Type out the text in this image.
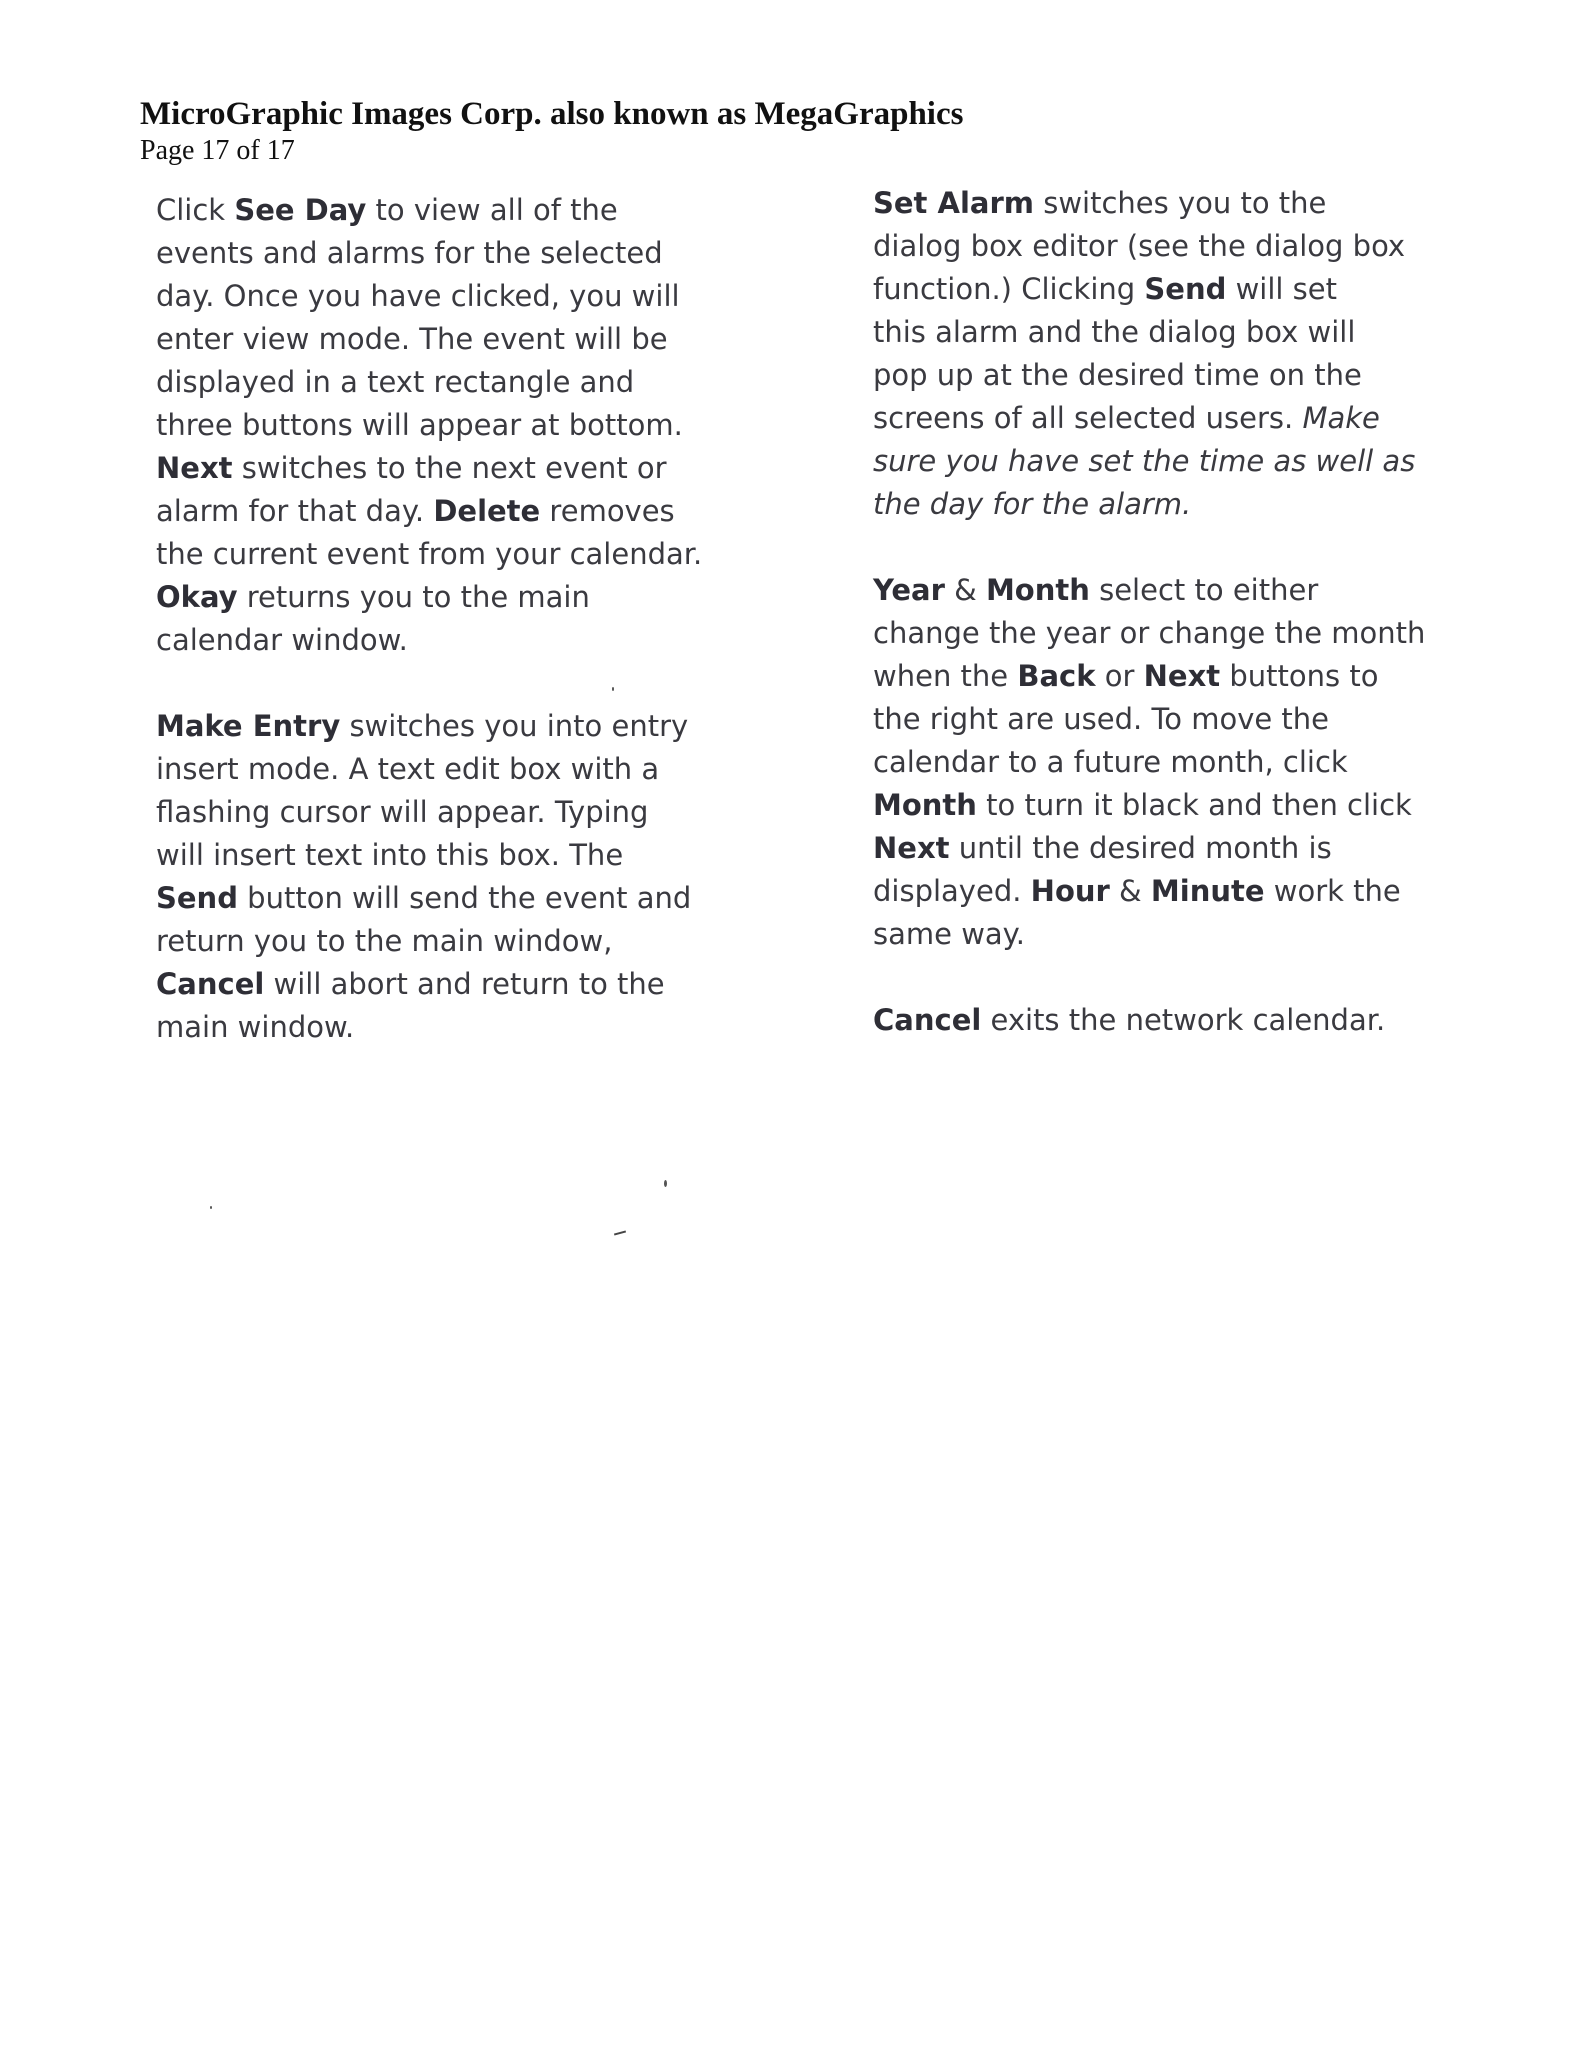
MicroGraphic Images Corp. also known as MegaGraphics

Page 17 of 17

Click See Day to view all of the
events and alarms for the selected
day. Once you have clicked, you will
enter view mode. The event will be
displayed in a text rectangle and
three buttons will appear at bottom.
Next switches to the next event or
alarm for that day. Delete removes
the current event from your calendar.
Okay returns you to the main
calendar window.

Make Entry switches you into entry
insert mode. A text edit box with a
flashing cursor will appear. Typing
will insert text into this box. The
Send button will send the event and
return you to the main window,
Cancel will abort and return to the
main window.

Set Alarm switches you to the
dialog box editor (see the dialog box
function.) Clicking Send will set
this alarm and the dialog box will
pop up at the desired time on the
screens of all selected users. Make
sure you have set the time as well as
the day for the alarm.

Year & Month select to either
change the year or change the month
when the Back or Next buttons to
the right are used. To move the
calendar to a future month, click
Month to turn it black and then click
Next until the desired month is
displayed. Hour & Minute work the
same way.

Cancel exits the network calendar.
